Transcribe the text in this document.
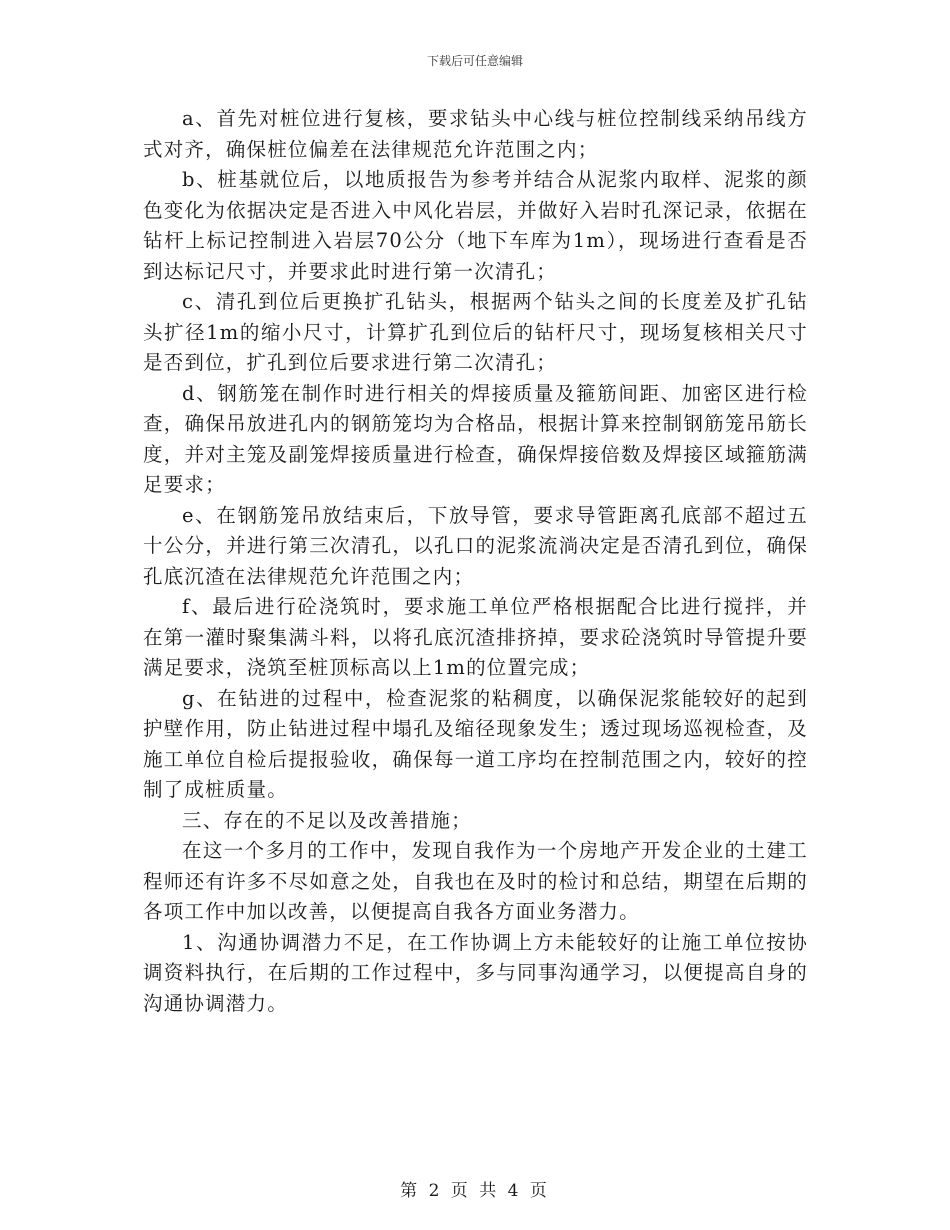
下载后可任意编辑

a、首先对桩位进行复核，要求钻头中心线与桩位控制线采纳吊线方式对齐，确保桩位偏差在法律规范允许范围之内；

b、桩基就位后，以地质报告为参考并结合从泥浆内取样、泥浆的颜色变化为依据决定是否进入中风化岩层，并做好入岩时孔深记录，依据在钻杆上标记控制进入岩层70公分（地下车库为1m），现场进行查看是否到达标记尺寸，并要求此时进行第一次清孔；

c、清孔到位后更换扩孔钻头，根据两个钻头之间的长度差及扩孔钻头扩径1m的缩小尺寸，计算扩孔到位后的钻杆尺寸，现场复核相关尺寸是否到位，扩孔到位后要求进行第二次清孔；

d、钢筋笼在制作时进行相关的焊接质量及箍筋间距、加密区进行检查，确保吊放进孔内的钢筋笼均为合格品，根据计算来控制钢筋笼吊筋长度，并对主笼及副笼焊接质量进行检查，确保焊接倍数及焊接区域箍筋满足要求；

e、在钢筋笼吊放结束后，下放导管，要求导管距离孔底部不超过五十公分，并进行第三次清孔，以孔口的泥浆流淌决定是否清孔到位，确保孔底沉渣在法律规范允许范围之内；

f、最后进行砼浇筑时，要求施工单位严格根据配合比进行搅拌，并在第一灌时聚集满斗料，以将孔底沉渣排挤掉，要求砼浇筑时导管提升要满足要求，浇筑至桩顶标高以上1m的位置完成；

g、在钻进的过程中，检查泥浆的粘稠度，以确保泥浆能较好的起到护壁作用，防止钻进过程中塌孔及缩径现象发生；透过现场巡视检查，及施工单位自检后提报验收，确保每一道工序均在控制范围之内，较好的控制了成桩质量。

三、存在的不足以及改善措施；

在这一个多月的工作中，发现自我作为一个房地产开发企业的土建工程师还有许多不尽如意之处，自我也在及时的检讨和总结，期望在后期的各项工作中加以改善，以便提高自我各方面业务潜力。

1、沟通协调潜力不足，在工作协调上方未能较好的让施工单位按协调资料执行，在后期的工作过程中，多与同事沟通学习，以便提高自身的沟通协调潜力。

第 2 页 共 4 页
